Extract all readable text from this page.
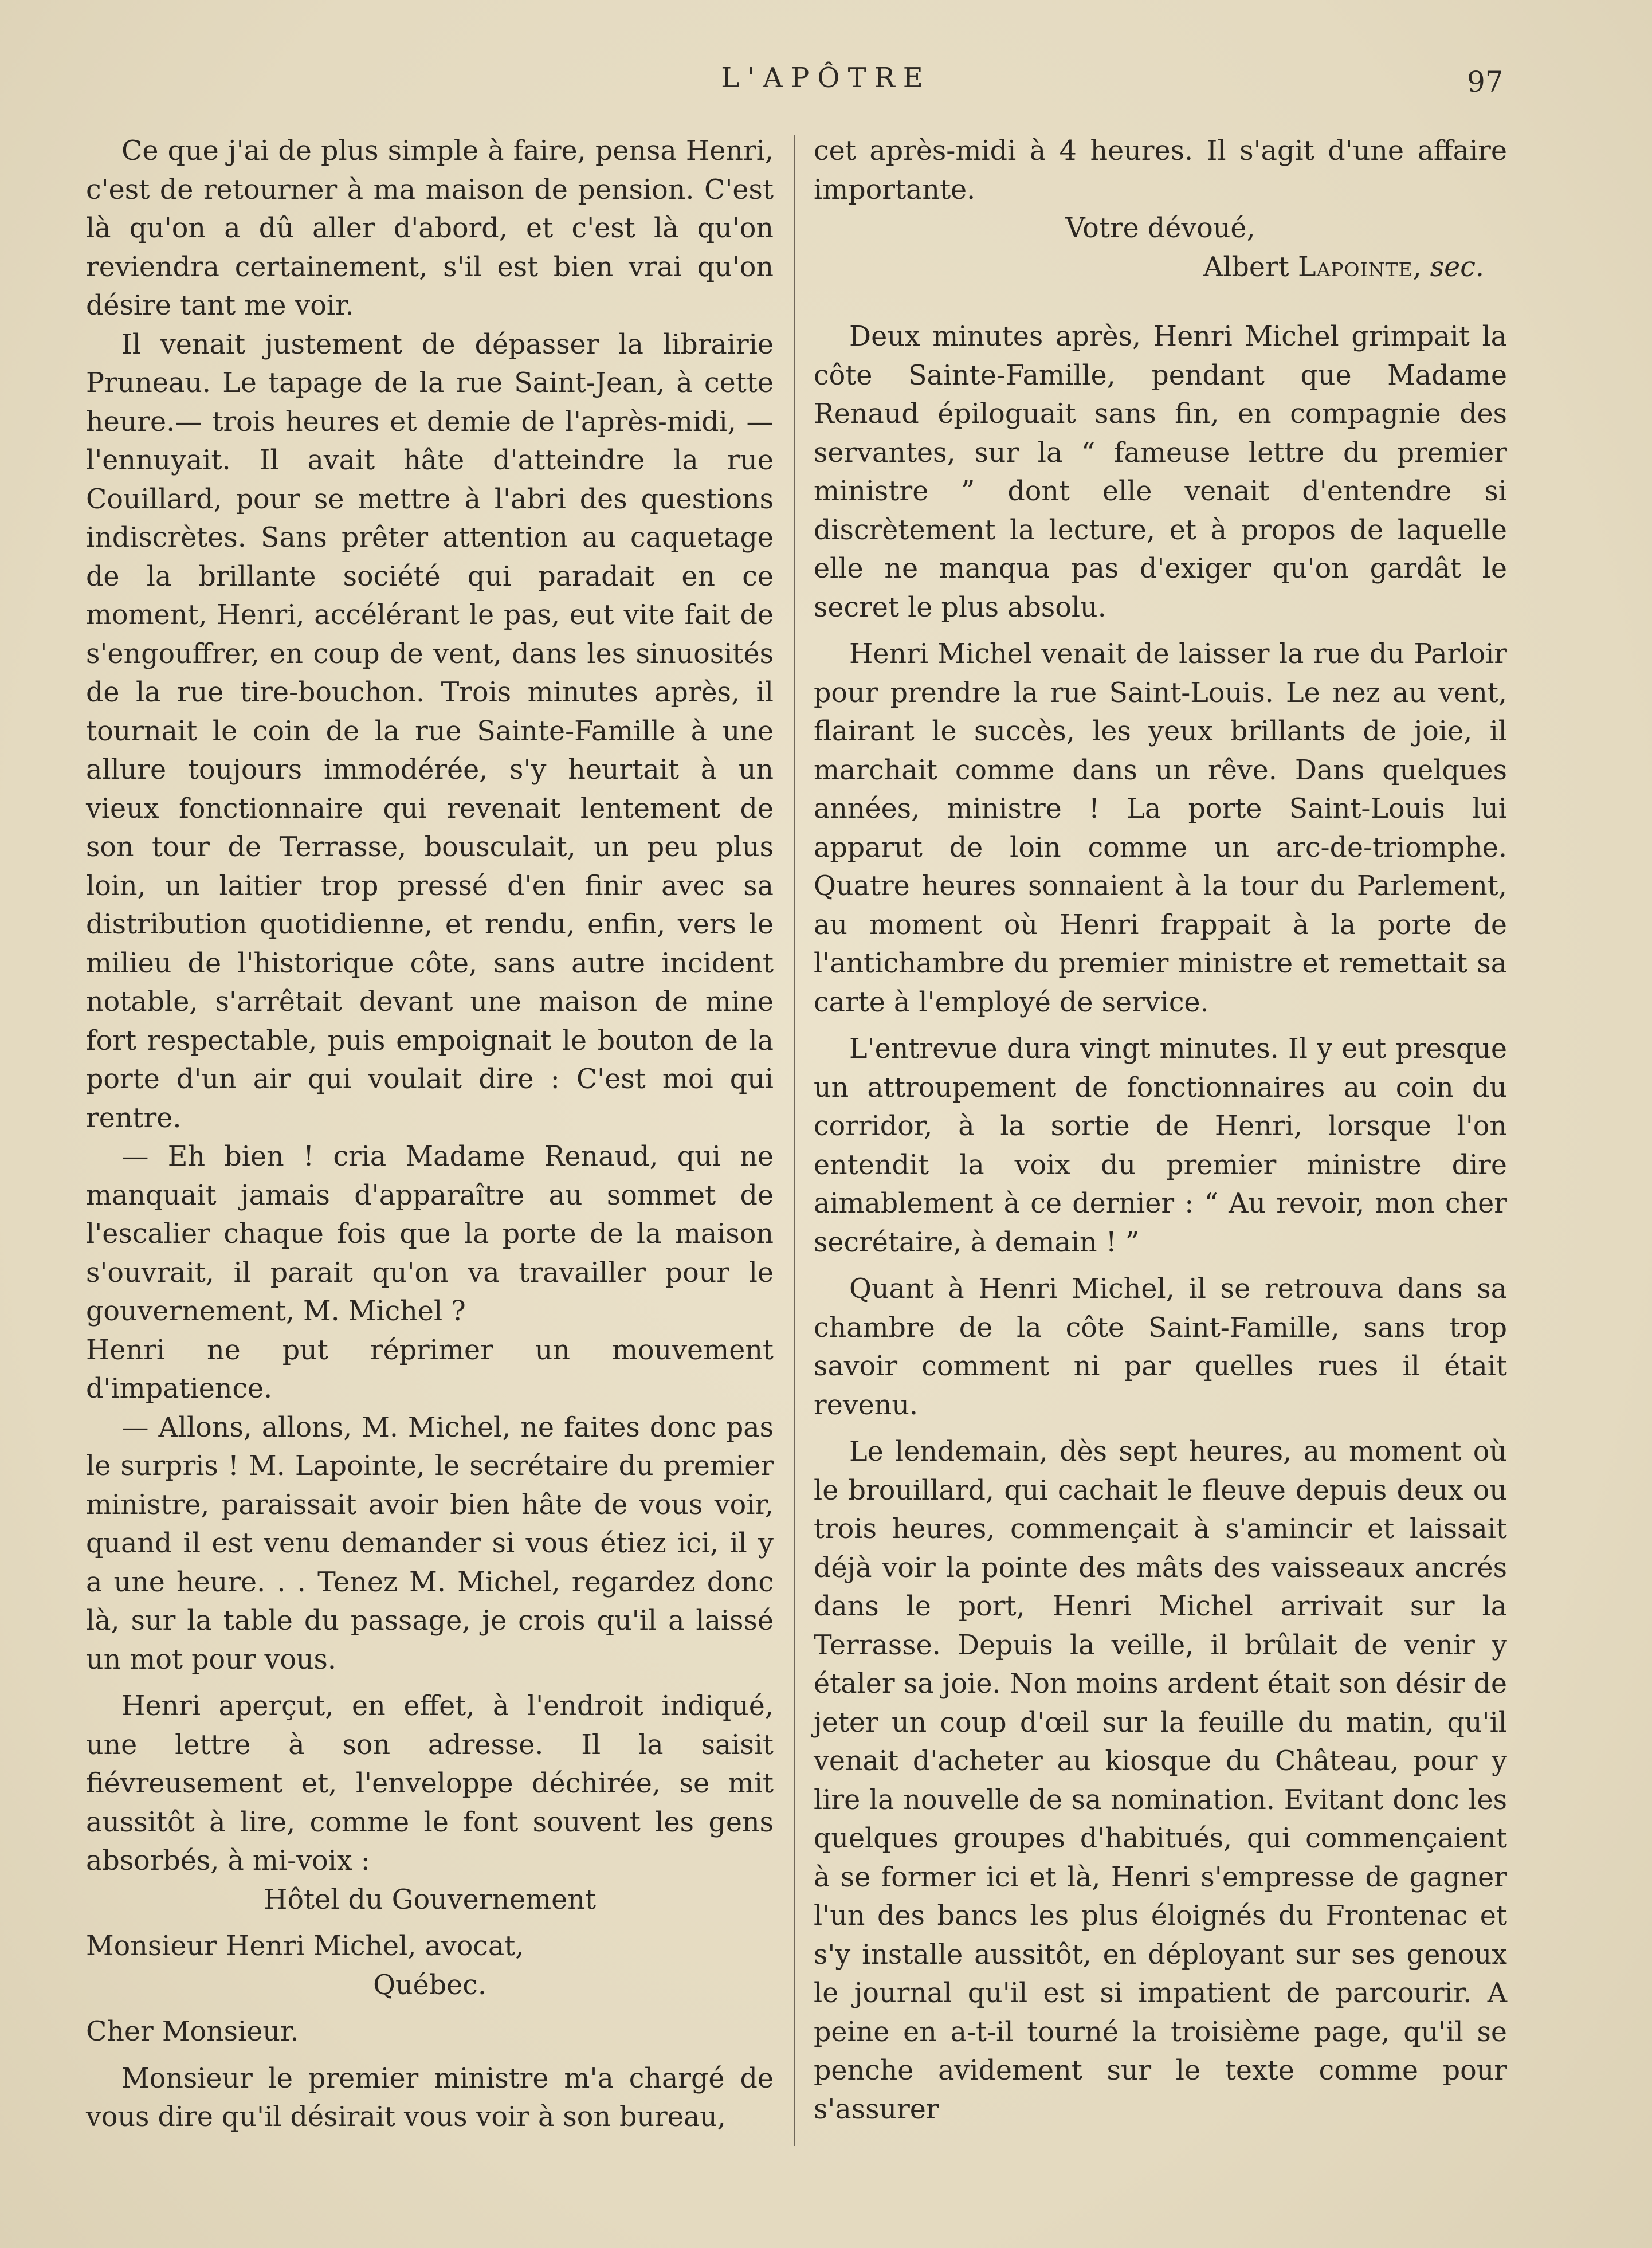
L'APÔTRE	97

Ce que j'ai de plus simple à faire, pensa Henri, c'est de retourner à ma maison de pension. C'est là qu'on a dû aller d'abord, et c'est là qu'on reviendra certainement, s'il est bien vrai qu'on désire tant me voir.

Il venait justement de dépasser la librairie Pruneau. Le tapage de la rue Saint-Jean, à cette heure.— trois heures et demie de l'après-midi, — l'ennuyait. Il avait hâte d'atteindre la rue Couillard, pour se mettre à l'abri des questions indiscrètes. Sans prêter attention au caquetage de la brillante société qui paradait en ce moment, Henri, accélérant le pas, eut vite fait de s'engouffrer, en coup de vent, dans les sinuosités de la rue tire-bouchon. Trois minutes après, il tournait le coin de la rue Sainte-Famille à une allure toujours immodérée, s'y heurtait à un vieux fonctionnaire qui revenait lentement de son tour de Terrasse, bousculait, un peu plus loin, un laitier trop pressé d'en finir avec sa distribution quotidienne, et rendu, enfin, vers le milieu de l'historique côte, sans autre incident notable, s'arrêtait devant une maison de mine fort respectable, puis empoignait le bouton de la porte d'un air qui voulait dire : C'est moi qui rentre.

— Eh bien ! cria Madame Renaud, qui ne manquait jamais d'apparaître au sommet de l'escalier chaque fois que la porte de la maison s'ouvrait, il parait qu'on va travailler pour le gouvernement, M. Michel ?

Henri ne put réprimer un mouvement d'impatience.

— Allons, allons, M. Michel, ne faites donc pas le surpris ! M. Lapointe, le secrétaire du premier ministre, paraissait avoir bien hâte de vous voir, quand il est venu demander si vous étiez ici, il y a une heure. . . Tenez M. Michel, regardez donc là, sur la table du passage, je crois qu'il a laissé un mot pour vous.

Henri aperçut, en effet, à l'endroit indiqué, une lettre à son adresse. Il la saisit fiévreusement et, l'enveloppe déchirée, se mit aussitôt à lire, comme le font souvent les gens absorbés, à mi-voix :

Hôtel du Gouvernement

Monsieur Henri Michel, avocat,

Québec.

Cher Monsieur.

Monsieur le premier ministre m'a chargé de vous dire qu'il désirait vous voir à son bureau,

cet après-midi à 4 heures. Il s'agit d'une affaire importante.

Votre dévoué,

Albert Lapointe, sec.

Deux minutes après, Henri Michel grimpait la côte Sainte-Famille, pendant que Madame Renaud épiloguait sans fin, en compagnie des servantes, sur la “ fameuse lettre du premier ministre ” dont elle venait d'entendre si discrètement la lecture, et à propos de laquelle elle ne manqua pas d'exiger qu'on gardât le secret le plus absolu.

Henri Michel venait de laisser la rue du Parloir pour prendre la rue Saint-Louis. Le nez au vent, flairant le succès, les yeux brillants de joie, il marchait comme dans un rêve. Dans quelques années, ministre ! La porte Saint-Louis lui apparut de loin comme un arc-de-triomphe. Quatre heures sonnaient à la tour du Parlement, au moment où Henri frappait à la porte de l'antichambre du premier ministre et remettait sa carte à l'employé de service.

L'entrevue dura vingt minutes. Il y eut presque un attroupement de fonctionnaires au coin du corridor, à la sortie de Henri, lorsque l'on entendit la voix du premier ministre dire aimablement à ce dernier : “ Au revoir, mon cher secrétaire, à demain ! ”

Quant à Henri Michel, il se retrouva dans sa chambre de la côte Saint-Famille, sans trop savoir comment ni par quelles rues il était revenu.

Le lendemain, dès sept heures, au moment où le brouillard, qui cachait le fleuve depuis deux ou trois heures, commençait à s'amincir et laissait déjà voir la pointe des mâts des vaisseaux ancrés dans le port, Henri Michel arrivait sur la Terrasse. Depuis la veille, il brûlait de venir y étaler sa joie. Non moins ardent était son désir de jeter un coup d'œil sur la feuille du matin, qu'il venait d'acheter au kiosque du Château, pour y lire la nouvelle de sa nomination. Evitant donc les quelques groupes d'habitués, qui commençaient à se former ici et là, Henri s'empresse de gagner l'un des bancs les plus éloignés du Frontenac et s'y installe aussitôt, en déployant sur ses genoux le journal qu'il est si impatient de parcourir. A peine en a-t-il tourné la troisième page, qu'il se penche avidement sur le texte comme pour s'assurer
